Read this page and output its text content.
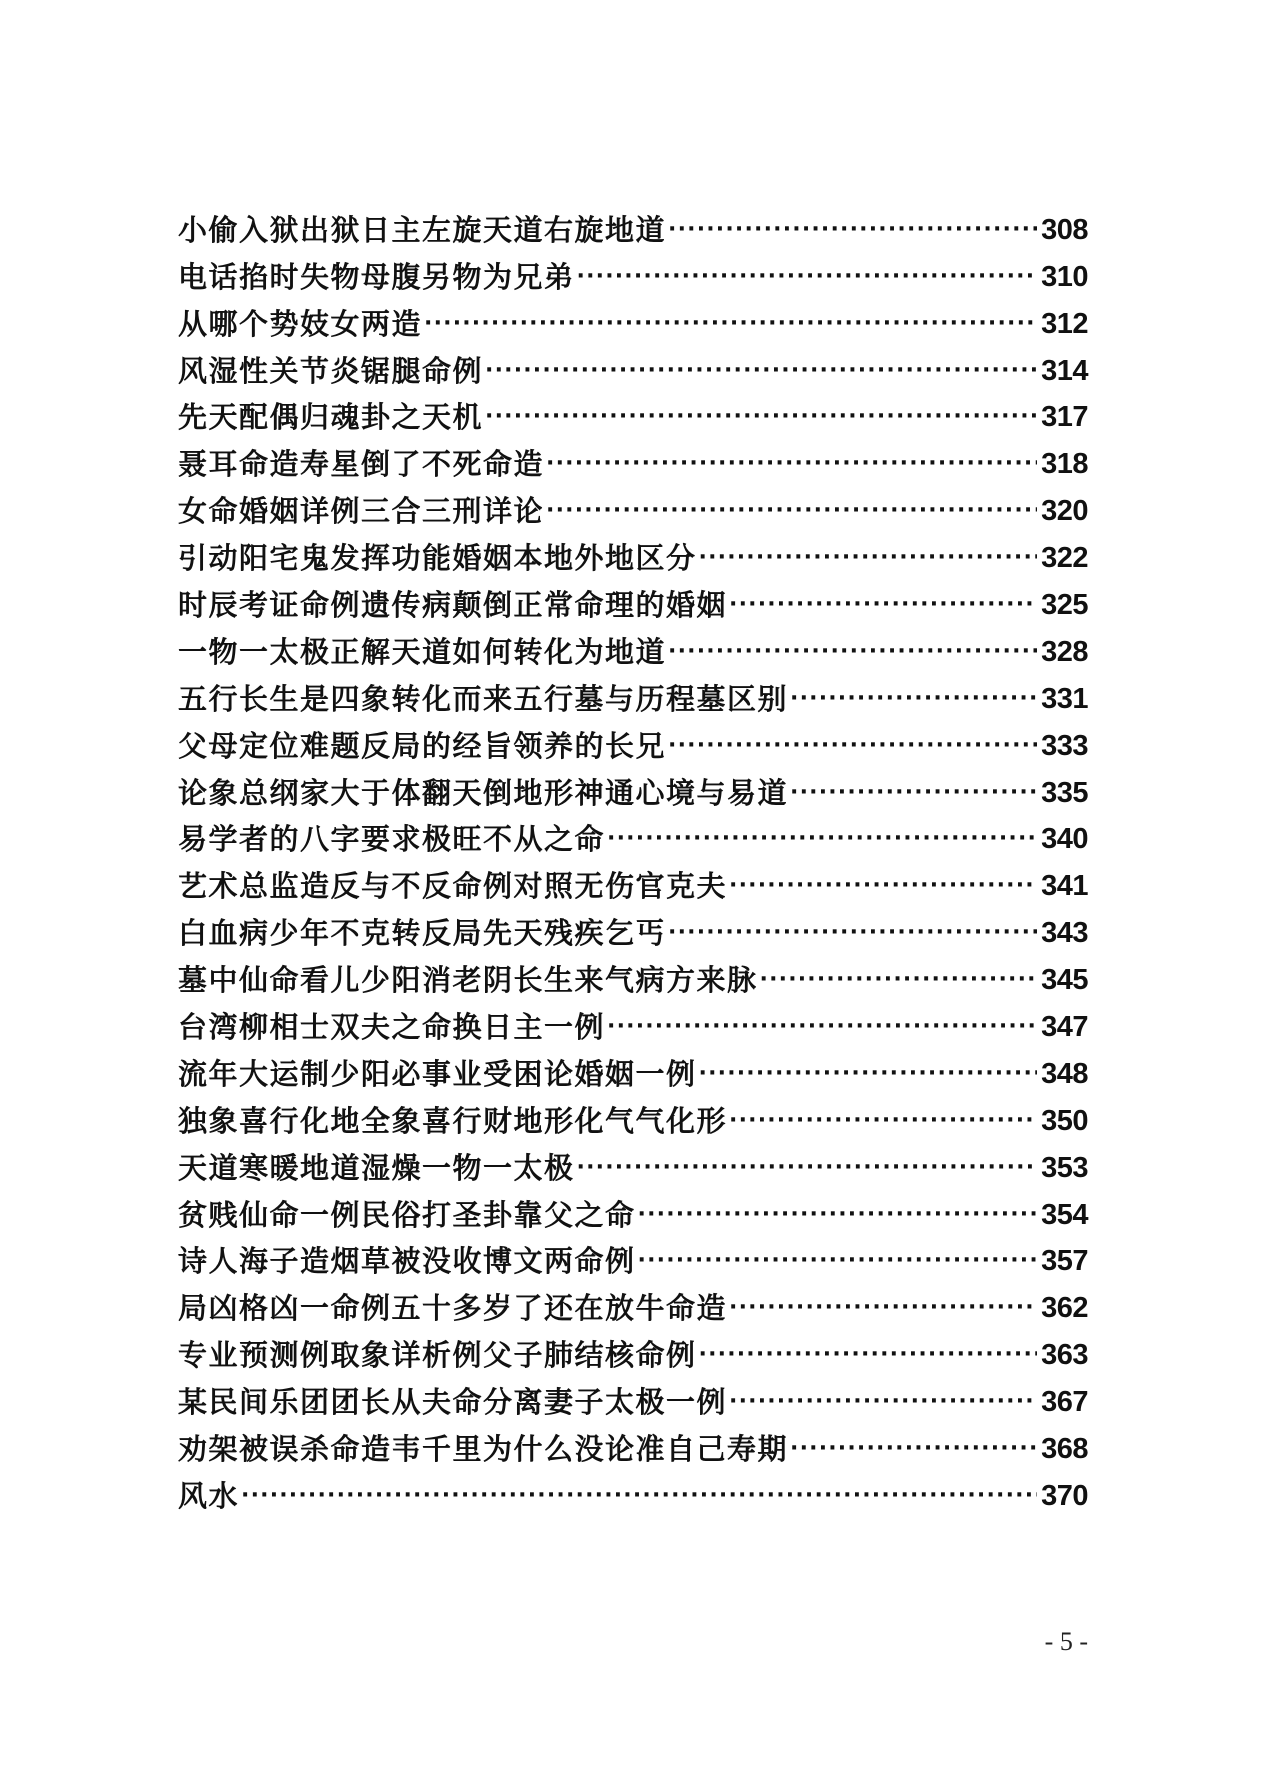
小偷入狱出狱日主左旋天道右旋地道 ·····	308
电话掐时失物母腹另物为兄弟 ·····	310
从哪个势妓女两造 ·····	312
风湿性关节炎锯腿命例 ·····	314
先天配偶归魂卦之天机 ·····	317
聂耳命造寿星倒了不死命造 ·····	318
女命婚姻详例三合三刑详论 ·····	320
引动阳宅鬼发挥功能婚姻本地外地区分 ·····	322
时辰考证命例遗传病颠倒正常命理的婚姻 ·····	325
一物一太极正解天道如何转化为地道 ·····	328
五行长生是四象转化而来五行墓与历程墓区别 ·····	331
父母定位难题反局的经旨领养的长兄 ·····	333
论象总纲家大于体翻天倒地形神通心境与易道 ·····	335
易学者的八字要求极旺不从之命 ·····	340
艺术总监造反与不反命例对照无伤官克夫 ·····	341
白血病少年不克转反局先天残疾乞丐 ·····	343
墓中仙命看儿少阳消老阴长生来气病方来脉 ·····	345
台湾柳相士双夫之命换日主一例 ·····	347
流年大运制少阳必事业受困论婚姻一例 ·····	348
独象喜行化地全象喜行财地形化气气化形 ·····	350
天道寒暖地道湿燥一物一太极 ·····	353
贫贱仙命一例民俗打圣卦靠父之命 ·····	354
诗人海子造烟草被没收博文两命例 ·····	357
局凶格凶一命例五十多岁了还在放牛命造 ·····	362
专业预测例取象详析例父子肺结核命例 ·····	363
某民间乐团团长从夫命分离妻子太极一例 ·····	367
劝架被误杀命造韦千里为什么没论准自己寿期 ·····	368
风水 ·····	370
- 5 -
